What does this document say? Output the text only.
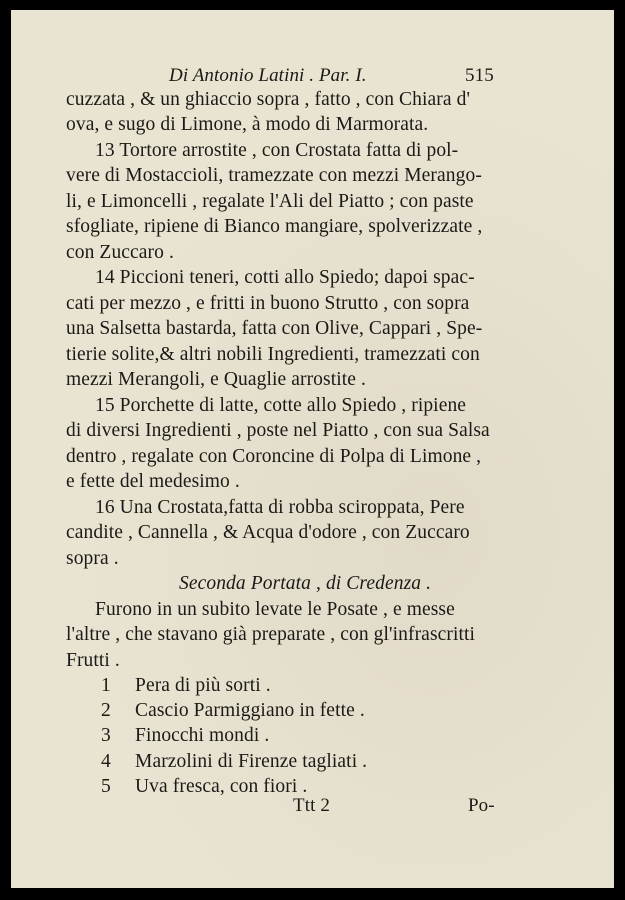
Di Antonio Latini . Par. I.	515
cuzzata , & un ghiaccio sopra , fatto , con Chiara d'
ova, e sugo di Limone, à modo di Marmorata.
13 Tortore arrostite , con Crostata fatta di pol-
vere di Mostaccioli, tramezzate con mezzi Merango-
li, e Limoncelli , regalate l'Ali del Piatto ; con paste
sfogliate, ripiene di Bianco mangiare, spolverizzate ,
con Zuccaro .
14 Piccioni teneri, cotti allo Spiedo; dapoi spac-
cati per mezzo , e fritti in buono Strutto , con sopra
una Salsetta bastarda, fatta con Olive, Cappari , Spe-
tierie solite,& altri nobili Ingredienti, tramezzati con
mezzi Merangoli, e Quaglie arrostite .
15 Porchette di latte, cotte allo Spiedo , ripiene
di diversi Ingredienti , poste nel Piatto , con sua Salsa
dentro , regalate con Coroncine di Polpa di Limone ,
e fette del medesimo .
16 Una Crostata,fatta di robba sciroppata, Pere
candite , Cannella , & Acqua d'odore , con Zuccaro
sopra .
Seconda Portata , di Credenza .
Furono in un subito levate le Posate , e messe
l'altre , che stavano già preparate , con gl'infrascritti
Frutti .
1 Pera di più sorti .
2 Cascio Parmiggiano in fette .
3 Finocchi mondi .
4 Marzolini di Firenze tagliati .
5 Uva fresca, con fiori .
Ttt 2	Po-
